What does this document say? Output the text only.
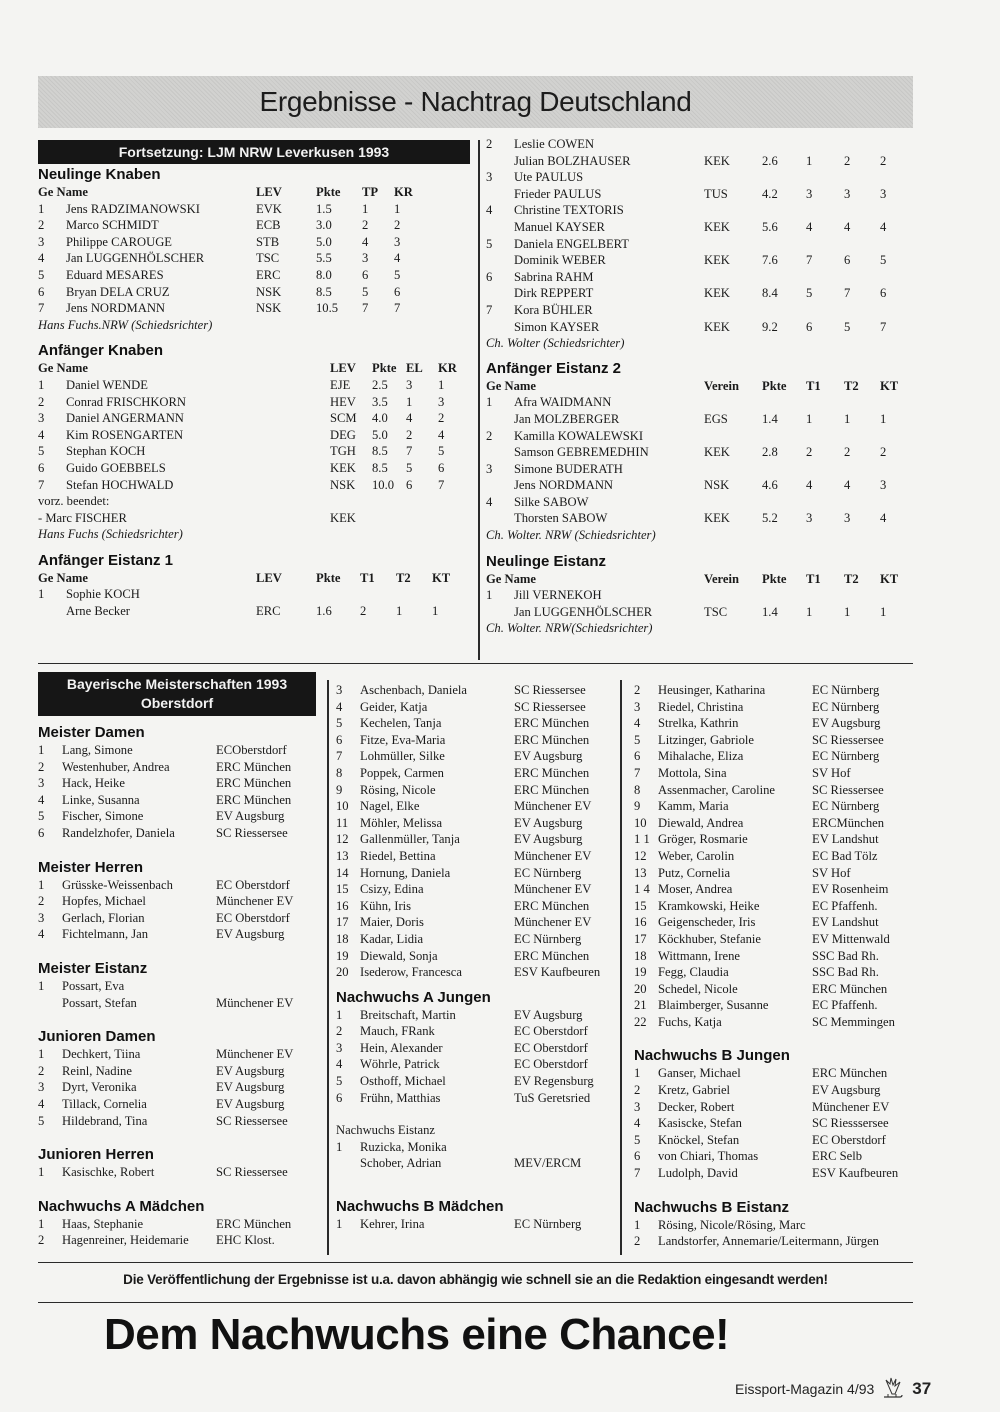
Ergebnisse - Nachtrag Deutschland
Fortsetzung: LJM NRW Leverkusen 1993
Neulinge Knaben
Ge Name	LEV	Pkte	TP	KR
1	Jens RADZIMANOWSKI	EVK	1.5	1	1
2	Marco SCHMIDT	ECB	3.0	2	2
3	Philippe CAROUGE	STB	5.0	4	3
4	Jan LUGGENHÖLSCHER	TSC	5.5	3	4
5	Eduard MESARES	ERC	8.0	6	5
6	Bryan DELA CRUZ	NSK	8.5	5	6
7	Jens NORDMANN	NSK	10.5	7	7
Hans Fuchs.NRW (Schiedsrichter)
Anfänger Knaben
Ge Name	LEV	Pkte EL	KR
1	Daniel WENDE	EJE	2.5	3	1
2	Conrad FRISCHKORN	HEV	3.5	1	3
3	Daniel ANGERMANN	SCM	4.0	4	2
4	Kim ROSENGARTEN	DEG	5.0	2	4
5	Stephan KOCH	TGH	8.5	7	5
6	Guido GOEBBELS	KEK	8.5	5	6
7	Stefan HOCHWALD	NSK	10.0 6	7
vorz. beendet:
- Marc FISCHER	KEK
Hans Fuchs (Schiedsrichter)
Anfänger Eistanz 1
Ge Name	LEV	Pkte	T1	T2	KT
1	Sophie KOCH
Arne Becker	ERC	1.6	2	1	1
2	Leslie COWEN
Julian BOLZHAUSER	KEK	2.6	1	2	2
3	Ute PAULUS
Frieder PAULUS	TUS	4.2	3	3	3
4	Christine TEXTORIS
Manuel KAYSER	KEK	5.6	4	4	4
5	Daniela ENGELBERT
Dominik WEBER	KEK	7.6	7	6	5
6	Sabrina RAHM
Dirk REPPERT	KEK	8.4	5	7	6
7	Kora BÜHLER
Simon KAYSER	KEK	9.2	6	5	7
Ch. Wolter (Schiedsrichter)
Anfänger Eistanz 2
Ge Name	Verein	Pkte	T1	T2	KT
1	Afra WAIDMANN
Jan MOLZBERGER	EGS	1.4	1	1	1
2	Kamilla KOWALEWSKI
Samson GEBREMEDHIN	KEK	2.8	2	2	2
3	Simone BUDERATH
Jens NORDMANN	NSK	4.6	4	4	3
4	Silke SABOW
Thorsten SABOW	KEK	5.2	3	3	4
Ch. Wolter. NRW (Schiedsrichter)
Neulinge Eistanz
Ge Name	Verein	Pkte	T1	T2	KT
1	Jill VERNEKOH
Jan LUGGENHÖLSCHER	TSC	1.4	1	1	1
Ch. Wolter. NRW(Schiedsrichter)
Bayerische Meisterschaften 1993
Oberstdorf
Meister Damen
1	Lang, Simone	ECOberstdorf
2	Westenhuber, Andrea	ERC München
3	Hack, Heike	ERC München
4	Linke, Susanna	ERC München
5	Fischer, Simone	EV Augsburg
6	Randelzhofer, Daniela	SC Riessersee
Meister Herren
1	Grüsske-Weissenbach	EC Oberstdorf
2	Hopfes, Michael	Münchener EV
3	Gerlach, Florian	EC Oberstdorf
4	Fichtelmann, Jan	EV Augsburg
Meister Eistanz
1	Possart, Eva
Possart, Stefan	Münchener EV
Junioren Damen
1	Dechkert, Tiina	Münchener EV
2	Reinl, Nadine	EV Augsburg
3	Dyrt, Veronika	EV Augsburg
4	Tillack, Cornelia	EV Augsburg
5	Hildebrand, Tina	SC Riessersee
Junioren Herren
1	Kasischke, Robert	SC Riessersee
Nachwuchs A Mädchen
1	Haas, Stephanie	ERC München
2	Hagenreiner, Heidemarie	EHC Klost.
3	Aschenbach, Daniela	SC Riessersee
4	Geider, Katja	SC Riessersee
5	Kechelen, Tanja	ERC München
6	Fitze, Eva-Maria	ERC München
7	Lohmüller, Silke	EV Augsburg
8	Poppek, Carmen	ERC München
9	Rösing, Nicole	ERC München
10 Nagel, Elke	Münchener EV
11 Möhler, Melissa	EV Augsburg
12 Gallenmüller, Tanja	EV Augsburg
13 Riedel, Bettina	Münchener EV
14 Hornung, Daniela	EC Nürnberg
15 Csizy, Edina	Münchener EV
16 Kühn, Iris	ERC München
17 Maier, Doris	Münchener EV
18 Kadar, Lidia	EC Nürnberg
19 Diewald, Sonja	ERC München
20 Isederow, Francesca	ESV Kaufbeuren
Nachwuchs A Jungen
1	Breitschaft, Martin	EV Augsburg
2	Mauch, FRank	EC Oberstdorf
3	Hein, Alexander	EC Oberstdorf
4	Wöhrle, Patrick	EC Oberstdorf
5	Osthoff, Michael	EV Regensburg
6	Frühn, Matthias	TuS Geretsried
Nachwuchs Eistanz
1	Ruzicka, Monika
Schober, Adrian	MEV/ERCM
Nachwuchs B Mädchen
1	Kehrer, Irina	EC Nürnberg
2	Heusinger, Katharina	EC Nürnberg
3	Riedel, Christina	EC Nürnberg
4	Strelka, Kathrin	EV Augsburg
5	Litzinger, Gabriole	SC Riessersee
6	Mihalache, Eliza	EC Nürnberg
7	Mottola, Sina	SV Hof
8	Assenmacher, Caroline	SC Riessersee
9	Kamm, Maria	EC Nürnberg
10 Diewald, Andrea	ERCMünchen
1 1 Gröger, Rosmarie	EV Landshut
12 Weber, Carolin	EC Bad Tölz
13 Putz, Cornelia	SV Hof
1 4 Moser, Andrea	EV Rosenheim
15 Kramkowski, Heike	EC Pfaffenh.
16 Geigenscheder, Iris	EV Landshut
17 Köckhuber, Stefanie	EV Mittenwald
18 Wittmann, Irene	SSC Bad Rh.
19 Fegg, Claudia	SSC Bad Rh.
20 Schedel, Nicole	ERC München
21 Blaimberger, Susanne	EC Pfaffenh.
22 Fuchs, Katja	SC Memmingen
Nachwuchs B Jungen
1	Ganser, Michael	ERC München
2	Kretz, Gabriel	EV Augsburg
3	Decker, Robert	Münchener EV
4	Kasiscke, Stefan	SC Riesssersee
5	Knöckel, Stefan	EC Oberstdorf
6	von Chiari, Thomas	ERC Selb
7	Ludolph, David	ESV Kaufbeuren
Nachwuchs B Eistanz
1	Rösing, Nicole/Rösing, Marc
2	Landstorfer, Annemarie/Leitermann, Jürgen
Die Veröffentlichung der Ergebnisse ist u.a. davon abhängig wie schnell sie an die Redaktion eingesandt werden!
Dem Nachwuchs eine Chance!
Eissport-Magazin 4/93 37
